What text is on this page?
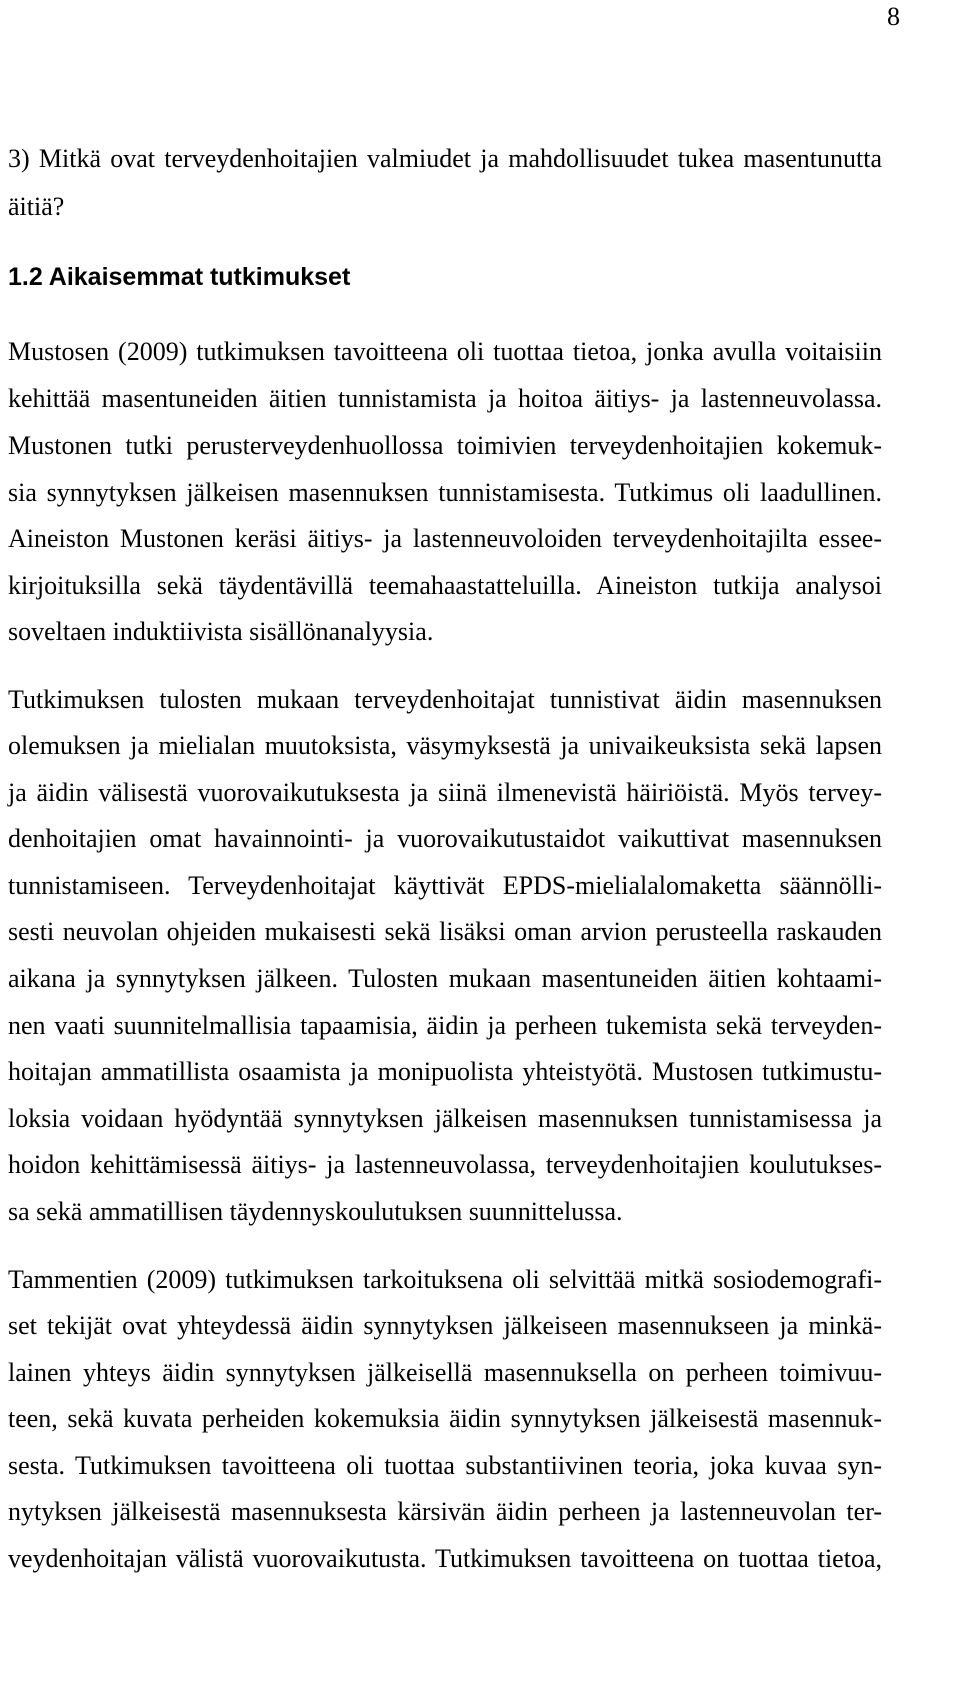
8
3) Mitkä ovat terveydenhoitajien valmiudet ja mahdollisuudet tukea masentunutta
äitiä?
1.2 Aikaisemmat tutkimukset
Mustosen (2009) tutkimuksen tavoitteena oli tuottaa tietoa, jonka avulla voitaisiin
kehittää masentuneiden äitien tunnistamista ja hoitoa äitiys- ja lastenneuvolassa.
Mustonen tutki perusterveydenhuollossa toimivien terveydenhoitajien kokemuk-
sia synnytyksen jälkeisen masennuksen tunnistamisesta. Tutkimus oli laadullinen.
Aineiston Mustonen keräsi äitiys- ja lastenneuvoloiden terveydenhoitajilta essee-
kirjoituksilla sekä täydentävillä teemahaastatteluilla. Aineiston tutkija analysoi
soveltaen induktiivista sisällönanalyysia.
Tutkimuksen tulosten mukaan terveydenhoitajat tunnistivat äidin masennuksen
olemuksen ja mielialan muutoksista, väsymyksestä ja univaikeuksista sekä lapsen
ja äidin välisestä vuorovaikutuksesta ja siinä ilmenevistä häiriöistä. Myös tervey-
denhoitajien omat havainnointi- ja vuorovaikutustaidot vaikuttivat masennuksen
tunnistamiseen. Terveydenhoitajat käyttivät EPDS-mielialalomaketta säännölli-
sesti neuvolan ohjeiden mukaisesti sekä lisäksi oman arvion perusteella raskauden
aikana ja synnytyksen jälkeen. Tulosten mukaan masentuneiden äitien kohtaami-
nen vaati suunnitelmallisia tapaamisia, äidin ja perheen tukemista sekä terveyden-
hoitajan ammatillista osaamista ja monipuolista yhteistyötä. Mustosen tutkimustu-
loksia voidaan hyödyntää synnytyksen jälkeisen masennuksen tunnistamisessa ja
hoidon kehittämisessä äitiys- ja lastenneuvolassa, terveydenhoitajien koulutukses-
sa sekä ammatillisen täydennyskoulutuksen suunnittelussa.
Tammentien (2009) tutkimuksen tarkoituksena oli selvittää mitkä sosiodemografi-
set tekijät ovat yhteydessä äidin synnytyksen jälkeiseen masennukseen ja minkä-
lainen yhteys äidin synnytyksen jälkeisellä masennuksella on perheen toimivuu-
teen, sekä kuvata perheiden kokemuksia äidin synnytyksen jälkeisestä masennuk-
sesta. Tutkimuksen tavoitteena oli tuottaa substantiivinen teoria, joka kuvaa syn-
nytyksen jälkeisestä masennuksesta kärsivän äidin perheen ja lastenneuvolan ter-
veydenhoitajan välistä vuorovaikutusta. Tutkimuksen tavoitteena on tuottaa tietoa,
